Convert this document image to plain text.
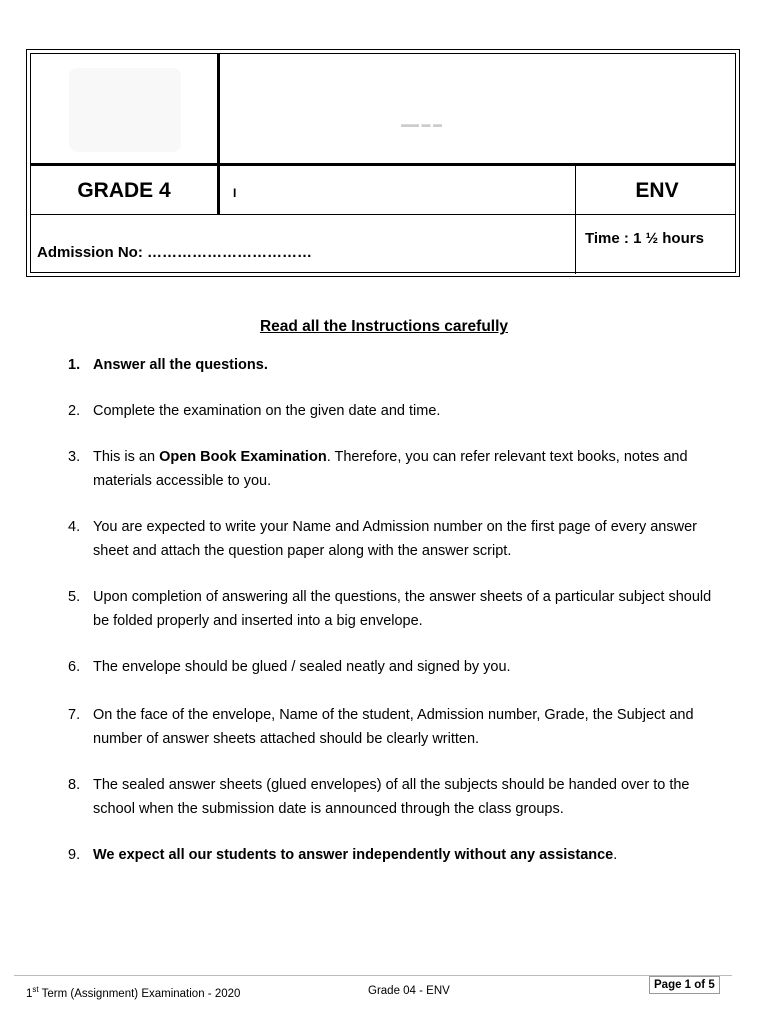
▬▬ ▬ ▬
GRADE 4	I	ENV
Admission No: ……………………………
Time : 1 ½ hours
Read all the Instructions carefully
1. Answer all the questions.
2. Complete the examination on the given date and time.
3. This is an Open Book Examination. Therefore, you can refer relevant text books, notes and materials accessible to you.
4. You are expected to write your Name and Admission number on the first page of every answer sheet and attach the question paper along with the answer script.
5. Upon completion of answering all the questions, the answer sheets of a particular subject should be folded properly and inserted into a big envelope.
6. The envelope should be glued / sealed neatly and signed by you.
7. On the face of the envelope, Name of the student, Admission number, Grade, the Subject and number of answer sheets attached should be clearly written.
8. The sealed answer sheets (glued envelopes) of all the subjects should be handed over to the school when the submission date is announced through the class groups.
9. We expect all our students to answer independently without any assistance.
1st Term (Assignment) Examination - 2020	Grade 04 - ENV	Page 1 of 5
